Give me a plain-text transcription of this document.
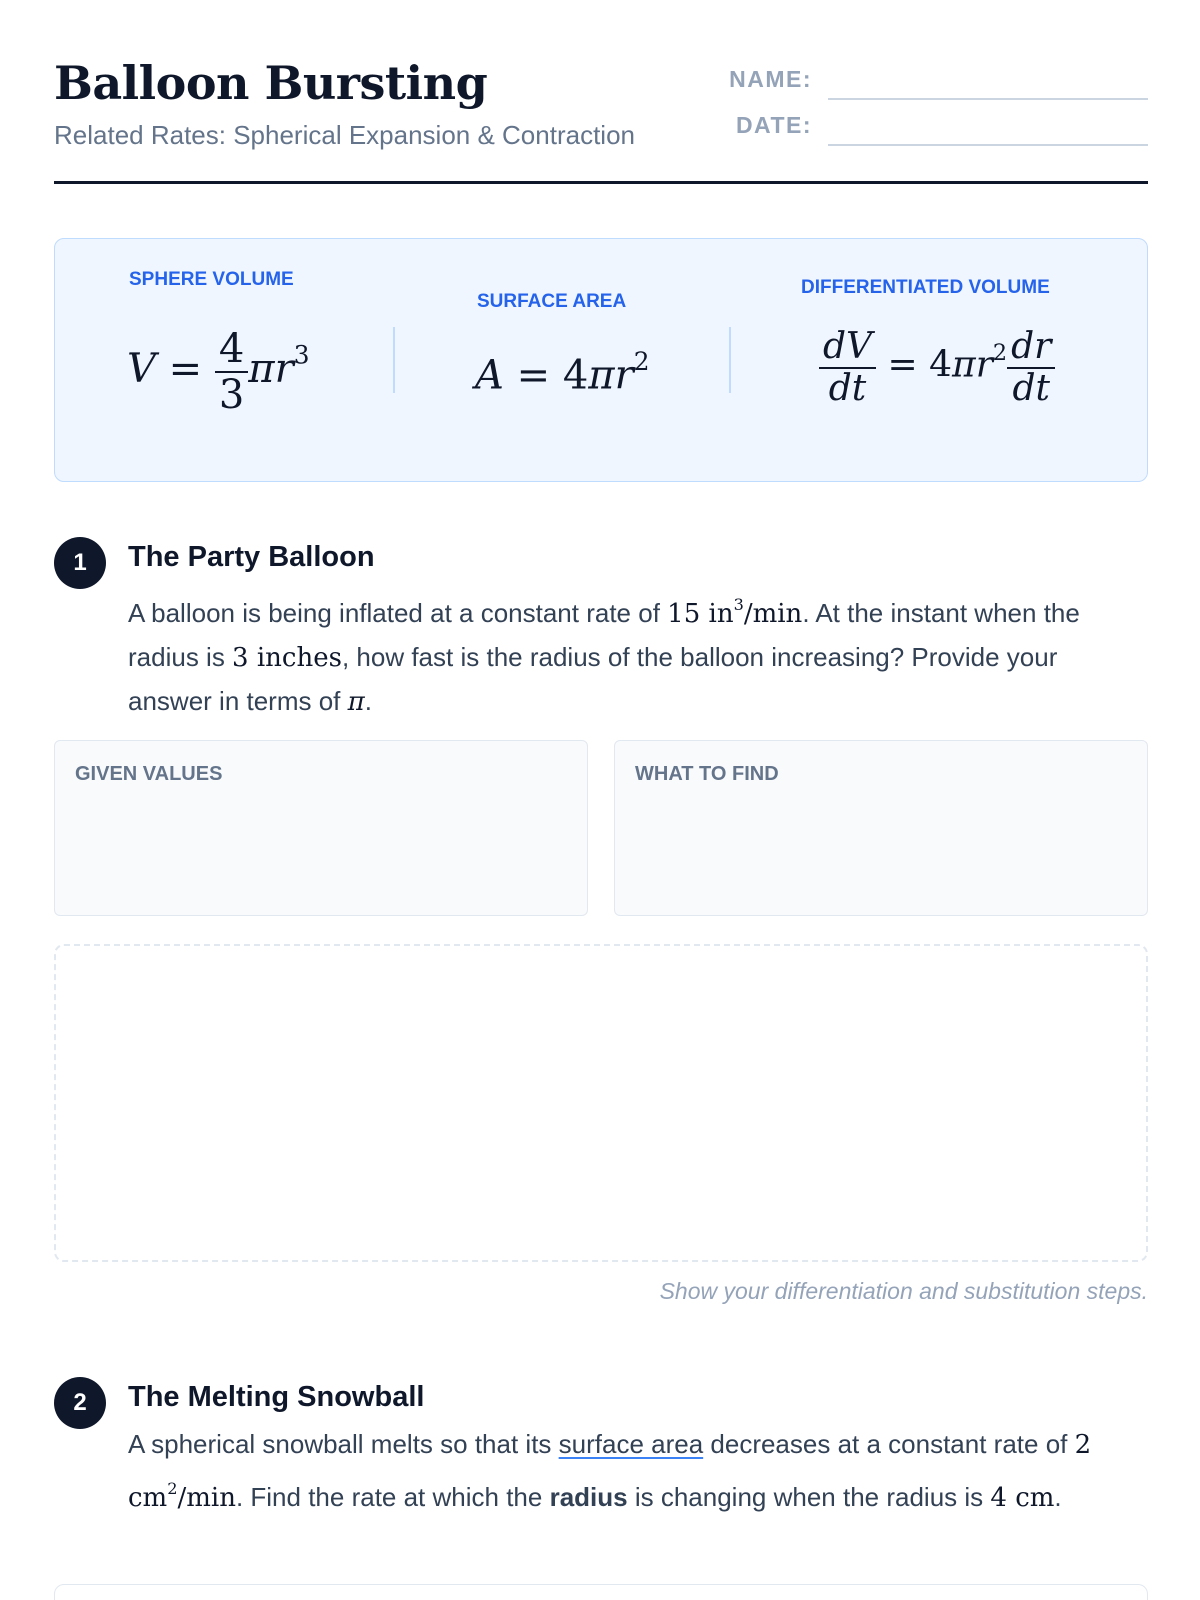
Balloon Bursting
Related Rates: Spherical Expansion & Contraction
NAME:
DATE:
SPHERE VOLUME
$V = \frac{4}{3} \pi r^3$
SURFACE AREA
$A = 4\pi r^2$
DIFFERENTIATED VOLUME
$\frac{dV}{dt} = 4\pi r^2 \frac{dr}{dt}$
1	The Party Balloon
A balloon is being inflated at a constant rate of 15 $in^3/\min$. At the instant when the radius is 3 inches, how fast is the radius of the balloon increasing? Provide your answer in terms of π.
GIVEN VALUES	WHAT TO FIND
Show your differentiation and substitution steps.
2	The Melting Snowball
A spherical snowball melts so that its surface area decreases at a constant rate of 2 $cm^2/\min$. Find the rate at which the radius is changing when the radius is 4 cm.
